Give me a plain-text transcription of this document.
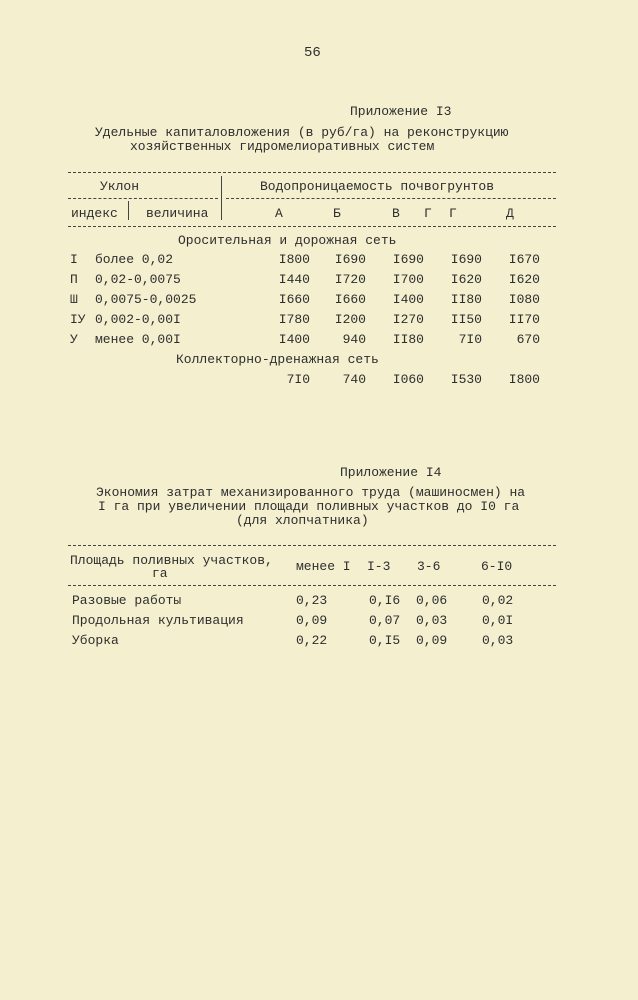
56
Приложение I3
Удельные капиталовложения (в руб/га) на реконструкцию
хозяйственных гидромелиоративных систем
Уклон	Водопроницаемость почвогрунтов
индекс величина	А	Б	В Г Г	Д
Оросительная и дорожная сеть
I более 0,02	I800	I690	I690	I690	I670
П 0,02-0,0075	I440	I720	I700	I620	I620
Ш 0,0075-0,0025	I660	I660	I400	II80	I080
IУ 0,002-0,00I	I780	I200	I270	II50	II70
У менее 0,00I	I400	940	II80	7I0	670
Коллекторно-дренажная сеть
7I0	740	I060	I530	I800
Приложение I4
Экономия затрат механизированного труда (машиносмен) на
I га при увеличении площади поливных участков до I0 га
(для хлопчатника)
Площадь поливных участков,
га	менее I I-3 3-6	6-I0
Разовые работы	0,23	0,I6 0,06	0,02
Продольная культивация	0,09	0,07 0,03	0,0I
Уборка	0,22	0,I5 0,09	0,03
